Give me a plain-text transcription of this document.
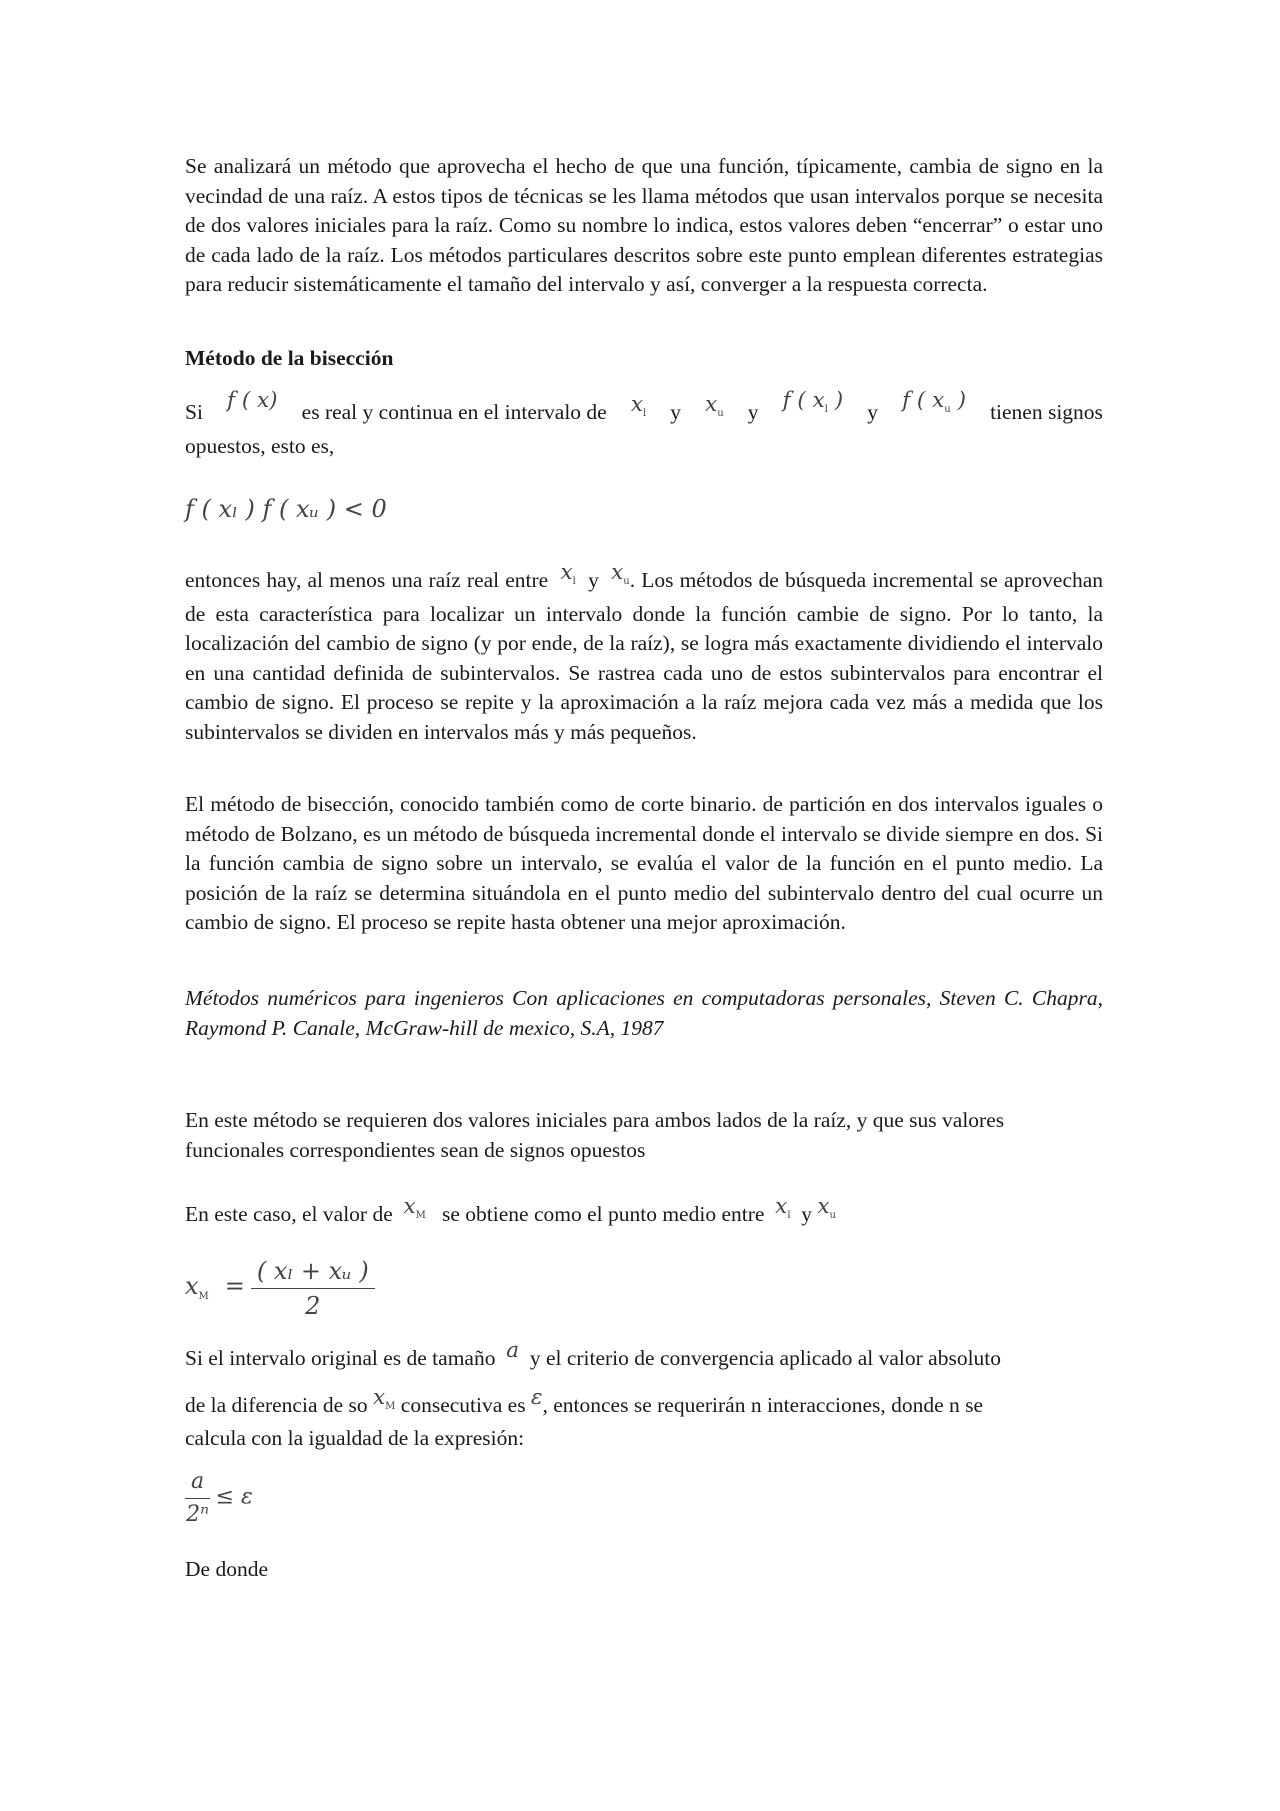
Se analizará un método que aprovecha el hecho de que una función, típicamente, cambia de signo en la vecindad de una raíz. A estos tipos de técnicas se les llama métodos que usan intervalos porque se necesita de dos valores iniciales para la raíz. Como su nombre lo indica, estos valores deben “encerrar” o estar uno de cada lado de la raíz. Los métodos particulares descritos sobre este punto emplean diferentes estrategias para reducir sistemáticamente el tamaño del intervalo y así, converger a la respuesta correcta.

Método de la bisección

Si f ( x) es real y continua en el intervalo de $x_l$ y $x_u$ y f ( $x_l$ ) y f ( $x_u$ ) tienen signos
opuestos, esto es,
f ( xₗ ) f ( xᵤ ) < 0

entonces hay, al menos una raíz real entre $x_l$ y $x_u$. Los métodos de búsqueda incremental se aprovechan de esta característica para localizar un intervalo donde la función cambie de signo. Por lo tanto, la localización del cambio de signo (y por ende, de la raíz), se logra más exactamente dividiendo el intervalo en una cantidad definida de subintervalos. Se rastrea cada uno de estos subintervalos para encontrar el cambio de signo. El proceso se repite y la aproximación a la raíz mejora cada vez más a medida que los subintervalos se dividen en intervalos más y más pequeños.

El método de bisección, conocido también como de corte binario. de partición en dos intervalos iguales o método de Bolzano, es un método de búsqueda incremental donde el intervalo se divide siempre en dos. Si la función cambia de signo sobre un intervalo, se evalúa el valor de la función en el punto medio. La posición de la raíz se determina situándola en el punto medio del subintervalo dentro del cual ocurre un cambio de signo. El proceso se repite hasta obtener una mejor aproximación.

Métodos numéricos para ingenieros Con aplicaciones en computadoras personales, Steven C. Chapra, Raymond P. Canale, McGraw-hill de mexico, S.A, 1987

En este método se requieren dos valores iniciales para ambos lados de la raíz, y que sus valores funcionales correspondientes sean de signos opuestos

En este caso, el valor de $x_M$ se obtiene como el punto medio entre $x_l$ y $x_u$

$x_M = \frac{\text{( xₗ + xᵤ )}}{2}$
Si el intervalo original es de tamaño a y el criterio de convergencia aplicado al valor absoluto
de la diferencia de so $x_M$ consecutiva es ε, entonces se requerirán n interacciones, donde n se
calcula con la igualdad de la expresión:
$\frac{a}{\text{2ⁿ}} \le \varepsilon$

De donde
